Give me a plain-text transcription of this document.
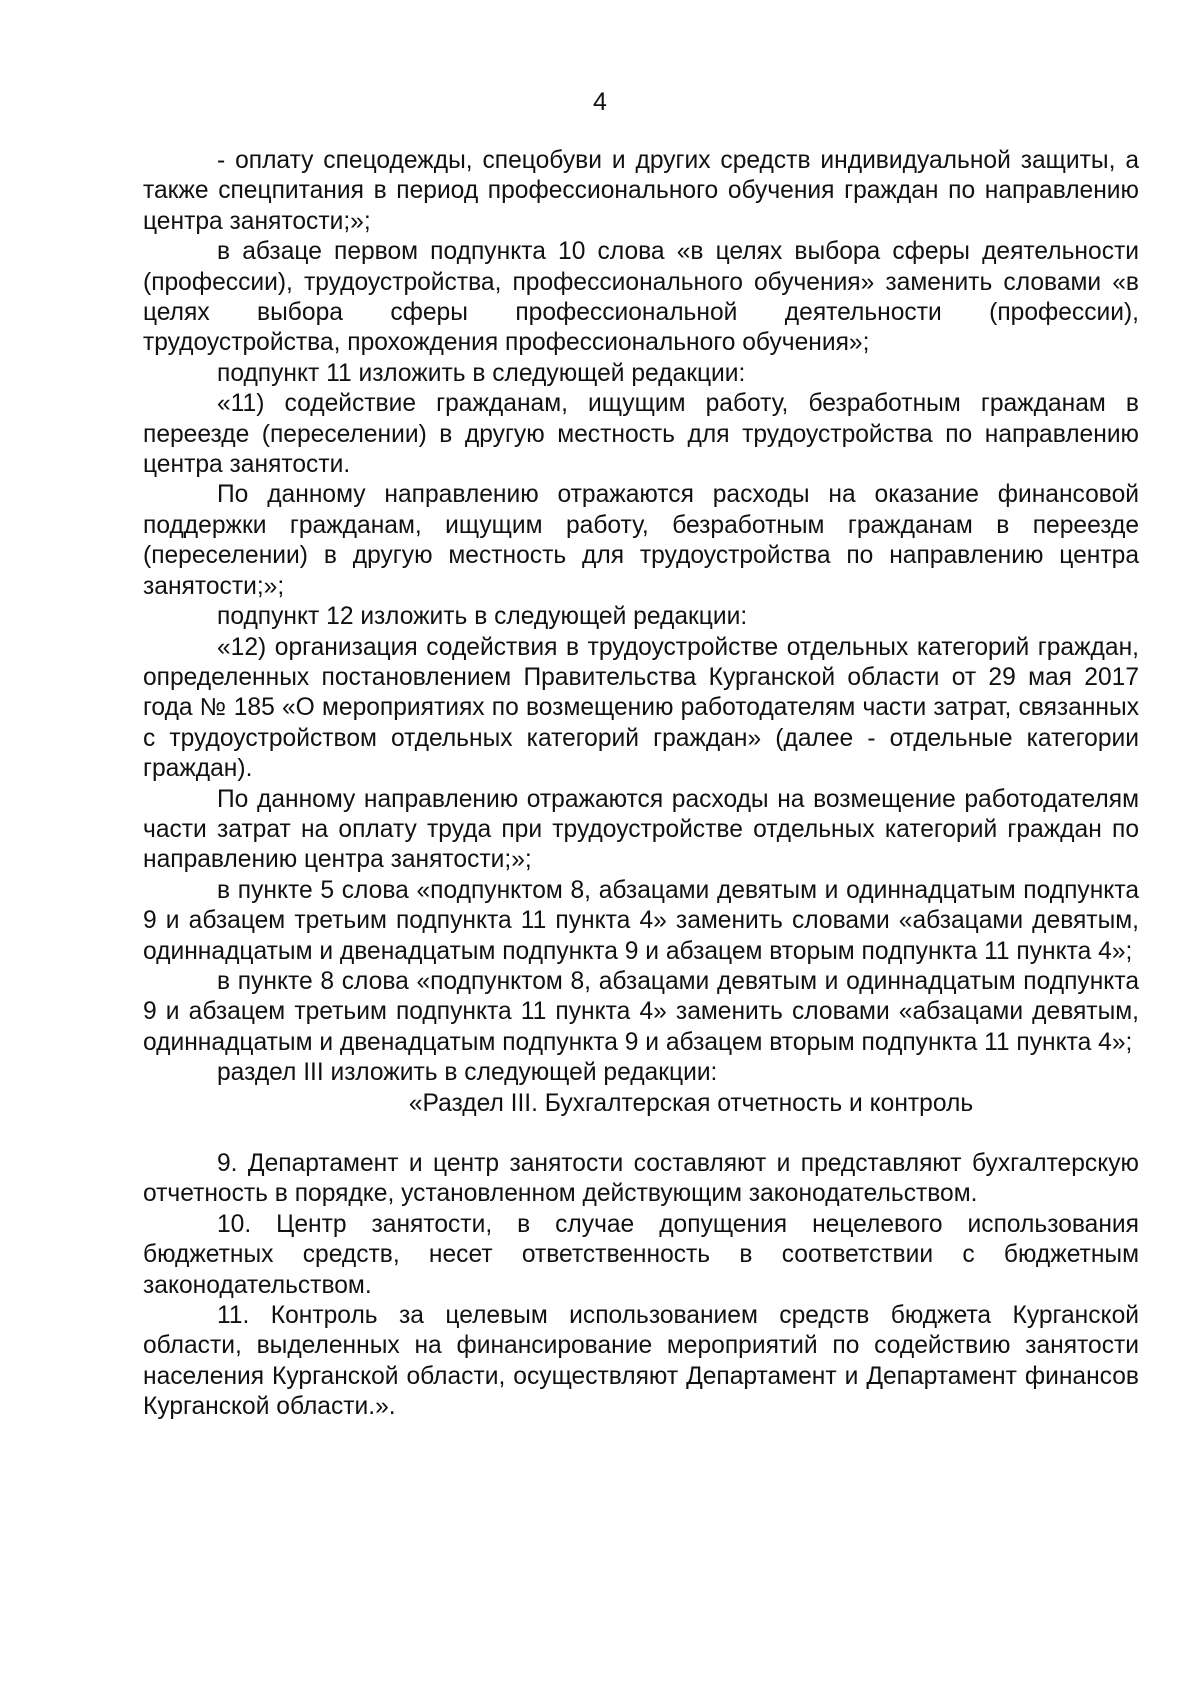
4

- оплату спецодежды, спецобуви и других средств индивидуальной защиты, а также спецпитания в период профессионального обучения граждан по направлению центра занятости;»;

в абзаце первом подпункта 10 слова «в целях выбора сферы деятельности (профессии), трудоустройства, профессионального обучения» заменить словами «в целях выбора сферы профессиональной деятельности (профессии), трудоустройства, прохождения профессионального обучения»;

подпункт 11 изложить в следующей редакции:

«11) содействие гражданам, ищущим работу, безработным гражданам в переезде (переселении) в другую местность для трудоустройства по направлению центра занятости.

По данному направлению отражаются расходы на оказание финансовой поддержки гражданам, ищущим работу, безработным гражданам в переезде (переселении) в другую местность для трудоустройства по направлению центра занятости;»;

подпункт 12 изложить в следующей редакции:

«12) организация содействия в трудоустройстве отдельных категорий граждан, определенных постановлением Правительства Курганской области от 29 мая 2017 года № 185 «О мероприятиях по возмещению работодателям части затрат, связанных с трудоустройством отдельных категорий граждан» (далее - отдельные категории граждан).

По данному направлению отражаются расходы на возмещение работодателям части затрат на оплату труда при трудоустройстве отдельных категорий граждан по направлению центра занятости;»;

в пункте 5 слова «подпунктом 8, абзацами девятым и одиннадцатым подпункта 9 и абзацем третьим подпункта 11 пункта 4» заменить словами «абзацами девятым, одиннадцатым и двенадцатым подпункта 9 и абзацем вторым подпункта 11 пункта 4»;

в пункте 8 слова «подпунктом 8, абзацами девятым и одиннадцатым подпункта 9 и абзацем третьим подпункта 11 пункта 4» заменить словами «абзацами девятым, одиннадцатым и двенадцатым подпункта 9 и абзацем вторым подпункта 11 пункта 4»;

раздел III изложить в следующей редакции:

«Раздел III. Бухгалтерская отчетность и контроль

9. Департамент и центр занятости составляют и представляют бухгалтерскую отчетность в порядке, установленном действующим законодательством.

10. Центр занятости, в случае допущения нецелевого использования бюджетных средств, несет ответственность в соответствии с бюджетным законодательством.

11. Контроль за целевым использованием средств бюджета Курганской области, выделенных на финансирование мероприятий по содействию занятости населения Курганской области, осуществляют Департамент и Департамент финансов Курганской области.».
